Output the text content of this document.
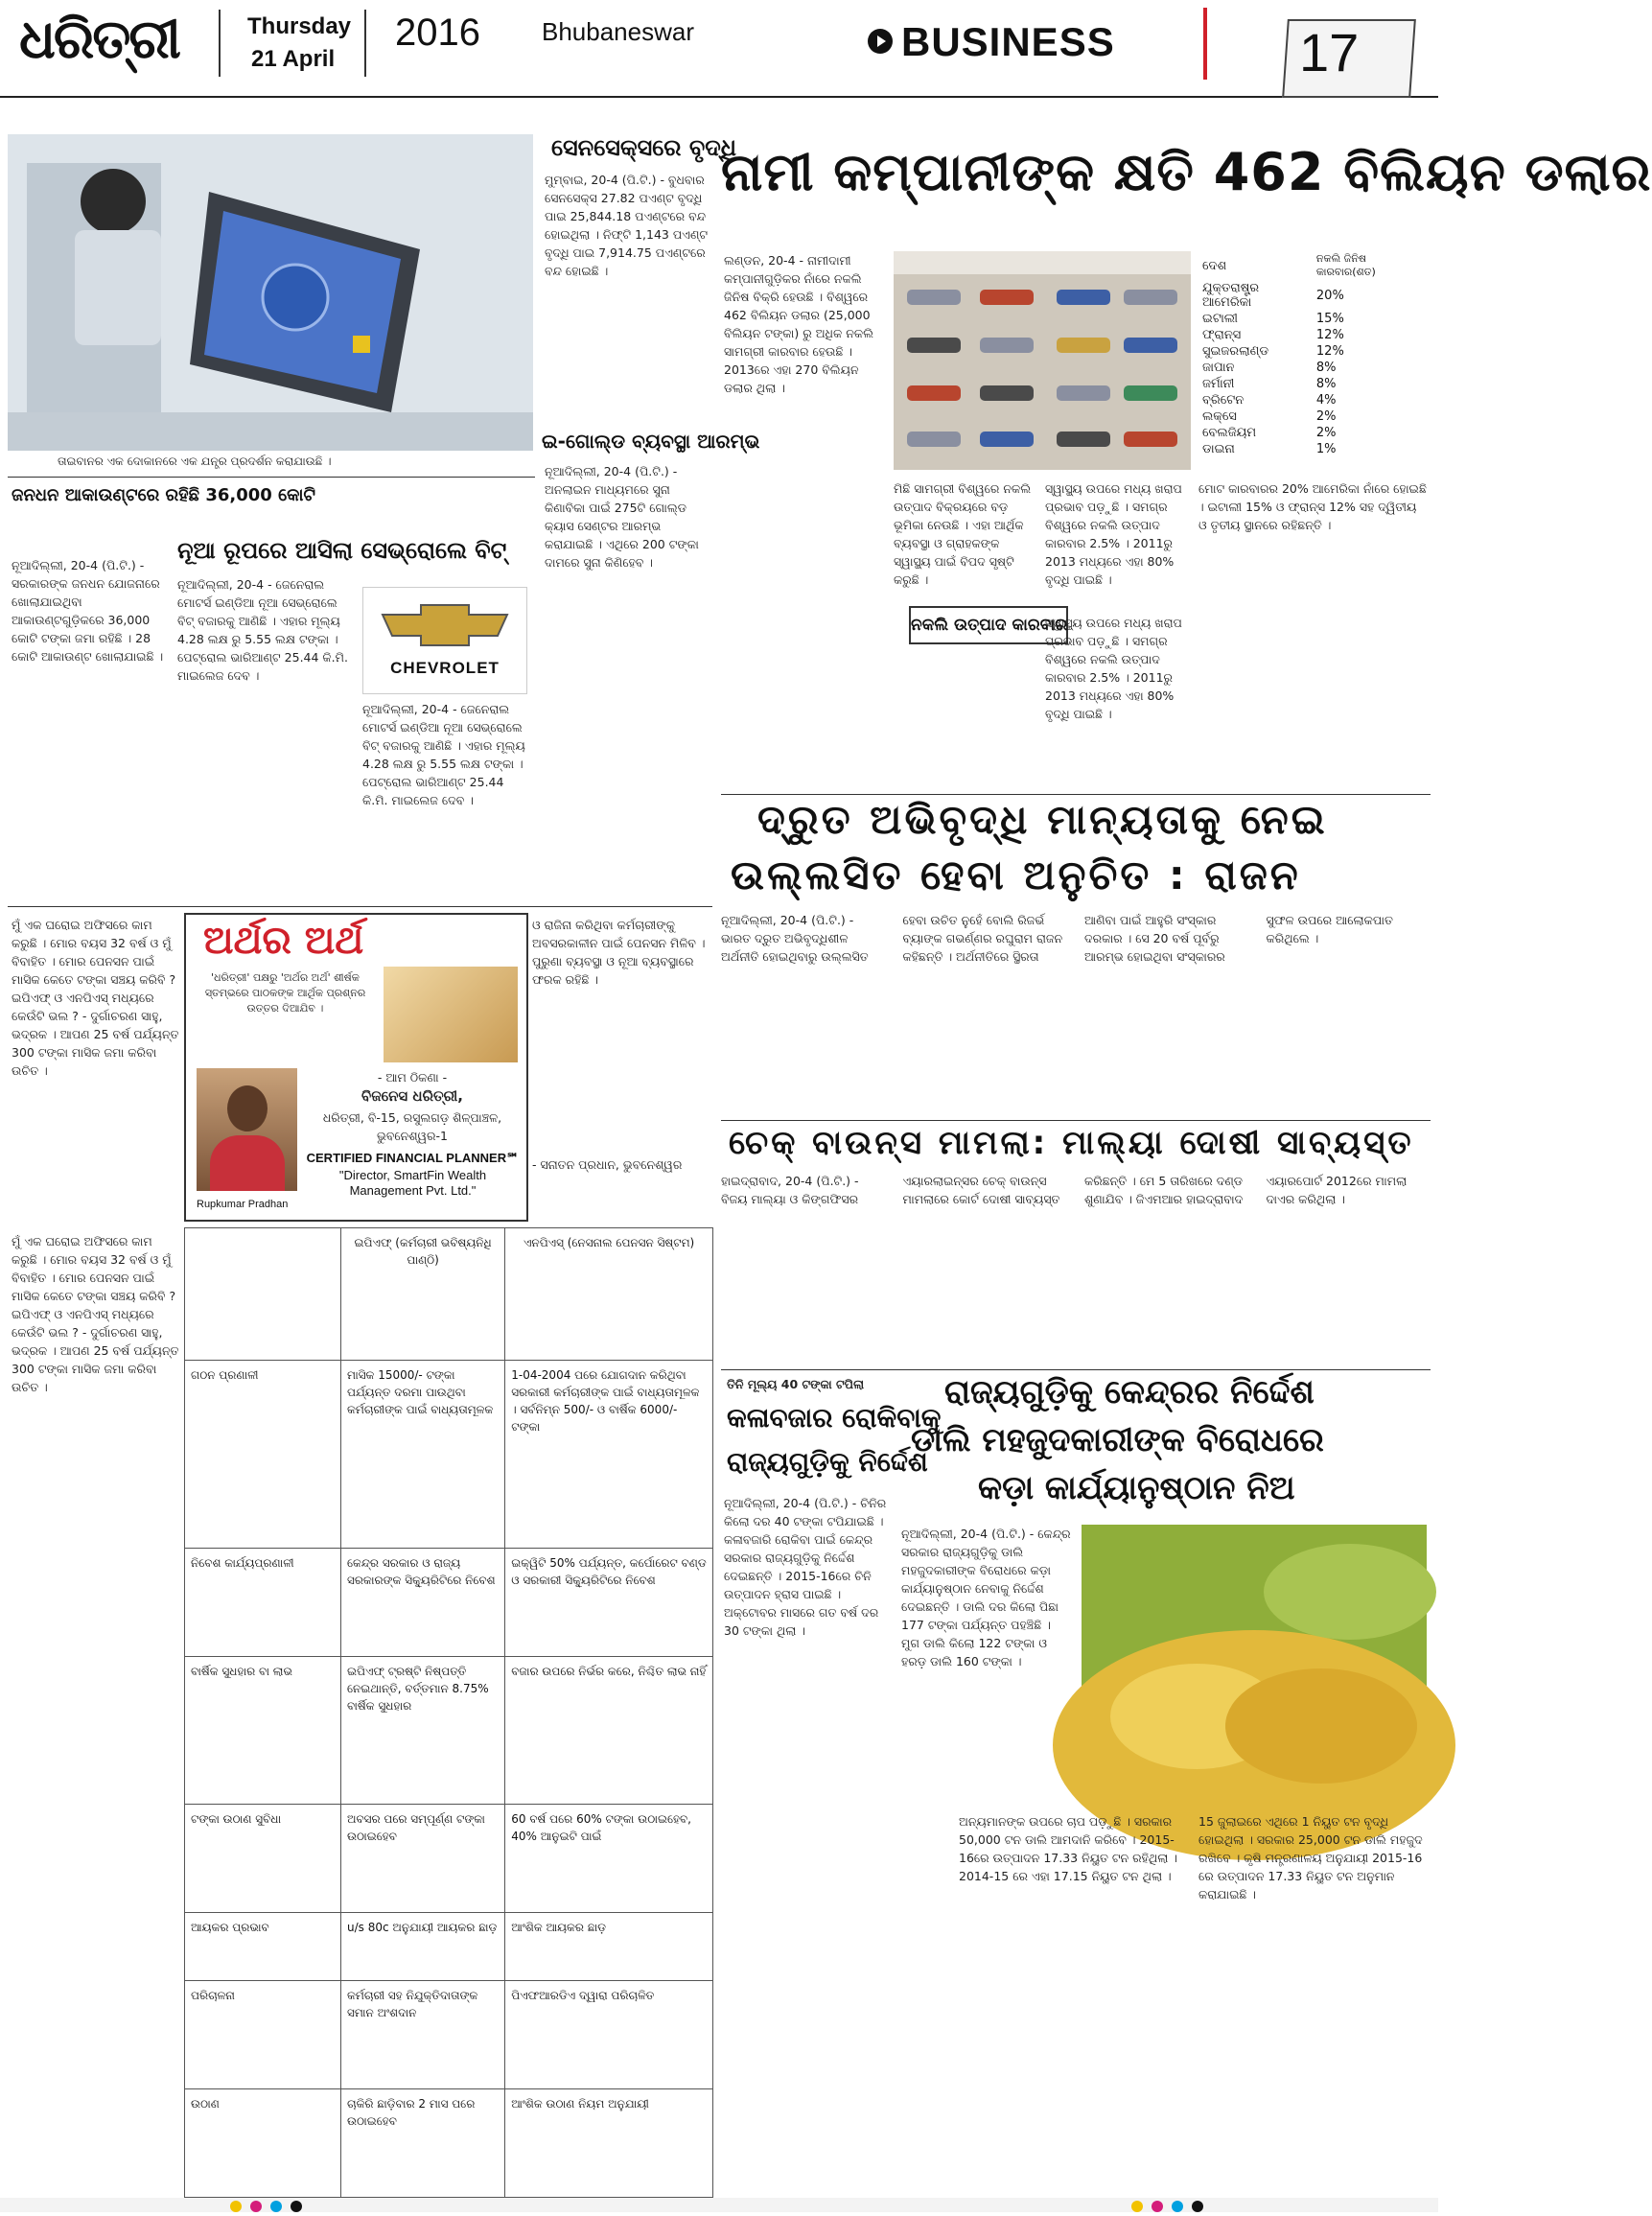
ଧରିତ୍ରୀ	Thursday
21 April
2016 Bhubaneswar	BUSINESS	17
ତାଇବାନର ଏକ ଦୋକାନରେ ଏକ ଯନ୍ତ୍ର ପ୍ରଦର୍ଶନ କରାଯାଉଛି ।
ସେନସେକ୍ସରେ ବୃଦ୍ଧି
ମୁମ୍ବାଇ, 20-4 (ପି.ଟି.) - ବୁଧବାର ସେନସେକ୍ସ 27.82 ପଏଣ୍ଟ ବୃଦ୍ଧି ପାଇ 25,844.18 ପଏଣ୍ଟରେ ବନ୍ଦ ହୋଇଥିଲା । ନିଫ୍ଟି 1,143 ପଏଣ୍ଟ ବୃଦ୍ଧି ପାଇ 7,914.75 ପଏଣ୍ଟରେ ବନ୍ଦ ହୋଇଛି ।
ଇ-ଗୋଲ୍ଡ ବ୍ୟବସ୍ଥା ଆରମ୍ଭ
ନୂଆଦିଲ୍ଲୀ, 20-4 (ପି.ଟି.) - ଅନଲାଇନ ମାଧ୍ୟମରେ ସୁନା କିଣାବିକା ପାଇଁ 275ଟି ଗୋଲ୍ଡ କ୍ୟାସ ସେଣ୍ଟର ଆରମ୍ଭ କରାଯାଇଛି । ଏଥିରେ 200 ଟଙ୍କା ଦାମରେ ସୁନା କିଣିହେବ ।
ନାମୀ କମ୍ପାନୀଙ୍କ କ୍ଷତି 462 ବିଲିୟନ ଡଲାର
ଲଣ୍ଡନ, 20-4 - ନାମୀଦାମୀ କମ୍ପାନୀଗୁଡ଼ିକର ନାଁରେ ନକଲି ଜିନିଷ ବିକ୍ରି ହେଉଛି । ବିଶ୍ୱରେ 462 ବିଲିୟନ ଡଲାର (25,000 ବିଲିୟନ ଟଙ୍କା) ରୁ ଅଧିକ ନକଲି ସାମଗ୍ରୀ କାରବାର ହେଉଛି । 2013ରେ ଏହା 270 ବିଲିୟନ ଡଲାର ଥିଲା ।
ଦେଶ	ନକଲି ଜିନିଷ କାରବାର(ଶତ)
ଯୁକ୍ତରାଷ୍ଟ୍ର ଆମେରିକା	20%
ଇଟାଲୀ	15%
ଫ୍ରାନ୍ସ	12%
ସୁଇଜରଲାଣ୍ଡ	12%
ଜାପାନ	8%
ଜର୍ମାନୀ	8%
ବ୍ରିଟେନ	4%
ଲକ୍ସେ	2%
ବେଲଜିୟମ	2%
ଡାଇନା	1%
ମିଛି ସାମଗ୍ରୀ ବିଶ୍ୱରେ ନକଲି ଉତ୍ପାଦ ବିକ୍ରୟରେ ବଡ଼ ଭୂମିକା ନେଉଛି । ଏହା ଆର୍ଥିକ ବ୍ୟବସ୍ଥା ଓ ଗ୍ରାହକଙ୍କ ସ୍ୱାସ୍ଥ୍ୟ ପାଇଁ ବିପଦ ସୃଷ୍ଟି କରୁଛି ।
ସ୍ୱାସ୍ଥ୍ୟ ଉପରେ ମଧ୍ୟ ଖରାପ ପ୍ରଭାବ ପଡ଼ୁଛି । ସମଗ୍ର ବିଶ୍ୱରେ ନକଲି ଉତ୍ପାଦ କାରବାର 2.5% । 2011ରୁ 2013 ମଧ୍ୟରେ ଏହା 80% ବୃଦ୍ଧି ପାଇଛି ।
ନକଲି ଉତ୍ପାଦ କାରବାର
ସ୍ୱାସ୍ଥ୍ୟ ଉପରେ ମଧ୍ୟ ଖରାପ ପ୍ରଭାବ ପଡ଼ୁଛି । ସମଗ୍ର ବିଶ୍ୱରେ ନକଲି ଉତ୍ପାଦ କାରବାର 2.5% । 2011ରୁ 2013 ମଧ୍ୟରେ ଏହା 80% ବୃଦ୍ଧି ପାଇଛି ।
ମୋଟ କାରବାରର 20% ଆମେରିକା ନାଁରେ ହୋଇଛି । ଇଟାଲୀ 15% ଓ ଫ୍ରାନ୍ସ 12% ସହ ଦ୍ୱିତୀୟ ଓ ତୃତୀୟ ସ୍ଥାନରେ ରହିଛନ୍ତି ।
ଜନଧନ ଆକାଉଣ୍ଟରେ ରହିଛି 36,000 କୋଟି
ନୂଆଦିଲ୍ଲୀ, 20-4 (ପି.ଟି.) - ସରକାରଙ୍କ ଜନଧନ ଯୋଜନାରେ ଖୋଲାଯାଇଥିବା ଆକାଉଣ୍ଟଗୁଡ଼ିକରେ 36,000 କୋଟି ଟଙ୍କା ଜମା ରହିଛି । 28 କୋଟି ଆକାଉଣ୍ଟ ଖୋଲାଯାଇଛି ।
ନୂଆ ରୂପରେ ଆସିଲା ସେଭ୍ରୋଲେ ବିଟ୍
CHEVROLET
ନୂଆଦିଲ୍ଲୀ, 20-4 - ଜେନେରାଲ ମୋଟର୍ସ ଇଣ୍ଡିଆ ନୂଆ ସେଭ୍ରୋଲେ ବିଟ୍ ବଜାରକୁ ଆଣିଛି । ଏହାର ମୂଲ୍ୟ 4.28 ଲକ୍ଷ ରୁ 5.55 ଲକ୍ଷ ଟଙ୍କା । ପେଟ୍ରୋଲ ଭାରିଆଣ୍ଟ 25.44 କି.ମି. ମାଇଲେଜ ଦେବ ।
ନୂଆଦିଲ୍ଲୀ, 20-4 - ଜେନେରାଲ ମୋଟର୍ସ ଇଣ୍ଡିଆ ନୂଆ ସେଭ୍ରୋଲେ ବିଟ୍ ବଜାରକୁ ଆଣିଛି । ଏହାର ମୂଲ୍ୟ 4.28 ଲକ୍ଷ ରୁ 5.55 ଲକ୍ଷ ଟଙ୍କା । ପେଟ୍ରୋଲ ଭାରିଆଣ୍ଟ 25.44 କି.ମି. ମାଇଲେଜ ଦେବ ।	ଦ୍ରୁତ ଅଭିବୃଦ୍ଧି ମାନ୍ୟତାକୁ ନେଇ
ଉଲ୍ଲସିତ ହେବା ଅନୁଚିତ : ରାଜନ
ନୂଆଦିଲ୍ଲୀ, 20-4 (ପି.ଟି.) - ଭାରତ ଦ୍ରୁତ ଅଭିବୃଦ୍ଧିଶୀଳ ଅର୍ଥନୀତି ହୋଇଥିବାରୁ ଉଲ୍ଲସିତ ହେବା ଉଚିତ ନୁହେଁ ବୋଲି ରିଜର୍ଭ ବ୍ୟାଙ୍କ ଗଭର୍ଣ୍ଣର ରଘୁରାମ ରାଜନ କହିଛନ୍ତି । ଅର୍ଥନୀତିରେ ସ୍ଥିରତା ଆଣିବା ପାଇଁ ଆହୁରି ସଂସ୍କାର ଦରକାର । ସେ 20 ବର୍ଷ ପୂର୍ବରୁ ଆରମ୍ଭ ହୋଇଥିବା ସଂସ୍କାରର ସୁଫଳ ଉପରେ ଆଲୋକପାତ କରିଥିଲେ ।
ମୁଁ ଏକ ଘରୋଇ ଅଫିସରେ କାମ କରୁଛି । ମୋର ବୟସ 32 ବର୍ଷ ଓ ମୁଁ ବିବାହିତ । ମୋର ପେନସନ ପାଇଁ ମାସିକ କେତେ ଟଙ୍କା ସଞ୍ଚୟ କରିବି ? ଇପିଏଫ୍ ଓ ଏନପିଏସ୍ ମଧ୍ୟରେ କେଉଁଟି ଭଲ ? - ଦୁର୍ଗାଚରଣ ସାହୁ, ଭଦ୍ରକ । ଆପଣ 25 ବର୍ଷ ପର୍ଯ୍ୟନ୍ତ 300 ଟଙ୍କା ମାସିକ ଜମା କରିବା ଉଚିତ ।
ଅର୍ଥର ଅର୍ଥ
'ଧରିତ୍ରୀ' ପକ୍ଷରୁ 'ଅର୍ଥର ଅର୍ଥ' ଶୀର୍ଷକ ସ୍ତମ୍ଭରେ ପାଠକଙ୍କ ଆର୍ଥିକ ପ୍ରଶ୍ନର ଉତ୍ତର ଦିଆଯିବ ।
- ଆମ ଠିକଣା -
ବିଜନେସ ଧରିତ୍ରୀ,
ଧରିତ୍ରୀ, ବି-15, ରସୁଲଗଡ଼ ଶିଳ୍ପାଞ୍ଚଳ,
ଭୁବନେଶ୍ୱର-1
CERTIFIED FINANCIAL PLANNER℠
"Director, SmartFin Wealth Management Pvt. Ltd."
Rupkumar Pradhan
ଓ ରାଜିନା କରିଥିବା କର୍ମଚାରୀଙ୍କୁ ଅବସରକାଳୀନ ପାଇଁ ପେନସନ ମିଳିବ । ପୁରୁଣା ବ୍ୟବସ୍ଥା ଓ ନୂଆ ବ୍ୟବସ୍ଥାରେ ଫରକ ରହିଛି ।
- ସନାତନ ପ୍ରଧାନ, ଭୁବନେଶ୍ୱର
ମୁଁ ଏକ ଘରୋଇ ଅଫିସରେ କାମ କରୁଛି । ମୋର ବୟସ 32 ବର୍ଷ ଓ ମୁଁ ବିବାହିତ । ମୋର ପେନସନ ପାଇଁ ମାସିକ କେତେ ଟଙ୍କା ସଞ୍ଚୟ କରିବି ? ଇପିଏଫ୍ ଓ ଏନପିଏସ୍ ମଧ୍ୟରେ କେଉଁଟି ଭଲ ? - ଦୁର୍ଗାଚରଣ ସାହୁ, ଭଦ୍ରକ । ଆପଣ 25 ବର୍ଷ ପର୍ଯ୍ୟନ୍ତ 300 ଟଙ୍କା ମାସିକ ଜମା କରିବା ଉଚିତ ।
	ଇପିଏଫ୍ (କର୍ମଚାରୀ ଭବିଷ୍ୟନିଧି ପାଣ୍ଠି)	ଏନପିଏସ୍ (ନେସନାଲ ପେନସନ ସିଷ୍ଟମ)
ଗଠନ ପ୍ରଣାଳୀ	ମାସିକ 15000/- ଟଙ୍କା ପର୍ଯ୍ୟନ୍ତ ଦରମା ପାଉଥିବା କର୍ମଚାରୀଙ୍କ ପାଇଁ ବାଧ୍ୟତାମୂଳକ	1-04-2004 ପରେ ଯୋଗଦାନ କରିଥିବା ସରକାରୀ କର୍ମଚାରୀଙ୍କ ପାଇଁ ବାଧ୍ୟତାମୂଳକ । ସର୍ବନିମ୍ନ 500/- ଓ ବାର୍ଷିକ 6000/- ଟଙ୍କା
ନିବେଶ କାର୍ଯ୍ୟପ୍ରଣାଳୀ	କେନ୍ଦ୍ର ସରକାର ଓ ରାଜ୍ୟ ସରକାରଙ୍କ ସିକ୍ୟୁରିଟିରେ ନିବେଶ	ଇକ୍ୱିଟି 50% ପର୍ଯ୍ୟନ୍ତ, କର୍ପୋରେଟ ବଣ୍ଡ ଓ ସରକାରୀ ସିକ୍ୟୁରିଟିରେ ନିବେଶ
ବାର୍ଷିକ ସୁଧହାର ବା ଲାଭ	ଇପିଏଫ୍ ଟ୍ରଷ୍ଟି ନିଷ୍ପତ୍ତି ନେଇଥାନ୍ତି, ବର୍ତ୍ତମାନ 8.75% ବାର୍ଷିକ ସୁଧହାର	ବଜାର ଉପରେ ନିର୍ଭର କରେ, ନିଶ୍ଚିତ ଲାଭ ନାହିଁ
ଟଙ୍କା ଉଠାଣ ସୁବିଧା	ଅବସର ପରେ ସମ୍ପୂର୍ଣ୍ଣ ଟଙ୍କା ଉଠାଇହେବ	60 ବର୍ଷ ପରେ 60% ଟଙ୍କା ଉଠାଇହେବ, 40% ଆନୁଇଟି ପାଇଁ
ଆୟକର ପ୍ରଭାବ	u/s 80c ଅନୁଯାୟୀ ଆୟକର ଛାଡ଼	ଆଂଶିକ ଆୟକର ଛାଡ଼
ପରିଚାଳନା	କର୍ମଚାରୀ ସହ ନିଯୁକ୍ତିଦାତାଙ୍କ ସମାନ ଅଂଶଦାନ	ପିଏଫଆରଡିଏ ଦ୍ୱାରା ପରିଚାଳିତ
ଉଠାଣ	ଚାକିରି ଛାଡ଼ିବାର 2 ମାସ ପରେ ଉଠାଇହେବ	ଆଂଶିକ ଉଠାଣ ନିୟମ ଅନୁଯାୟୀ
ଚେକ୍ ବାଉନ୍ସ ମାମଲା: ମାଲ୍ୟା ଦୋଷୀ ସାବ୍ୟସ୍ତ
ହାଇଦ୍ରାବାଦ, 20-4 (ପି.ଟି.) - ବିଜୟ ମାଲ୍ୟା ଓ କିଙ୍ଗଫିସର ଏୟାରଲାଇନ୍ସର ଚେକ୍ ବାଉନ୍ସ ମାମଲାରେ କୋର୍ଟ ଦୋଷୀ ସାବ୍ୟସ୍ତ କରିଛନ୍ତି । ମେ 5 ତାରିଖରେ ଦଣ୍ଡ ଶୁଣାଯିବ । ଜିଏମଆର ହାଇଦ୍ରାବାଦ ଏୟାରପୋର୍ଟ 2012ରେ ମାମଲା ଦାଏର କରିଥିଲା ।
ତିନି ମୂଲ୍ୟ 40 ଟଙ୍କା ଟପିଲା
କଳାବଜାର ରୋକିବାକୁ
ରାଜ୍ୟଗୁଡ଼ିକୁ ନିର୍ଦ୍ଦେଶ
ନୂଆଦିଲ୍ଲୀ, 20-4 (ପି.ଟି.) - ଚିନିର କିଲୋ ଦର 40 ଟଙ୍କା ଟପିଯାଇଛି । କଳାବଜାରି ରୋକିବା ପାଇଁ କେନ୍ଦ୍ର ସରକାର ରାଜ୍ୟଗୁଡ଼ିକୁ ନିର୍ଦ୍ଦେଶ ଦେଇଛନ୍ତି । 2015-16ରେ ଚିନି ଉତ୍ପାଦନ ହ୍ରାସ ପାଇଛି । ଅକ୍ଟୋବର ମାସରେ ଗତ ବର୍ଷ ଦର 30 ଟଙ୍କା ଥିଲା ।
ରାଜ୍ୟଗୁଡ଼ିକୁ କେନ୍ଦ୍ରର ନିର୍ଦ୍ଦେଶ
ଡାଲି ମହଜୁଦକାରୀଙ୍କ ବିରୋଧରେ
କଡ଼ା କାର୍ଯ୍ୟାନୁଷ୍ଠାନ ନିଅ
ନୂଆଦିଲ୍ଲୀ, 20-4 (ପି.ଟି.) - କେନ୍ଦ୍ର ସରକାର ରାଜ୍ୟଗୁଡ଼ିକୁ ଡାଲି ମହଜୁଦକାରୀଙ୍କ ବିରୋଧରେ କଡ଼ା କାର୍ଯ୍ୟାନୁଷ୍ଠାନ ନେବାକୁ ନିର୍ଦ୍ଦେଶ ଦେଇଛନ୍ତି । ଡାଲି ଦର କିଲୋ ପିଛା 177 ଟଙ୍କା ପର୍ଯ୍ୟନ୍ତ ପହଞ୍ଚିଛି । ମୁଗ ଡାଲି କିଲୋ 122 ଟଙ୍କା ଓ ହରଡ଼ ଡାଲି 160 ଟଙ୍କା ।
ଅନ୍ୟମାନଙ୍କ ଉପରେ ଚାପ ପଡ଼ୁଛି । ସରକାର 50,000 ଟନ ଡାଲି ଆମଦାନି କରିବେ । 2015-16ରେ ଉତ୍ପାଦନ 17.33 ନିୟୁତ ଟନ ରହିଥିଲା । 2014-15 ରେ ଏହା 17.15 ନିୟୁତ ଟନ ଥିଲା ।
15 ଜୁଲାଇରେ ଏଥିରେ 1 ନିୟୁତ ଟନ ବୃଦ୍ଧି ହୋଇଥିଲା । ସରକାର 25,000 ଟନ ଡାଲି ମହଜୁଦ ରଖିବେ । କୃଷି ମନ୍ତ୍ରଣାଳୟ ଅନୁଯାୟୀ 2015-16 ରେ ଉତ୍ପାଦନ 17.33 ନିୟୁତ ଟନ ଅନୁମାନ କରାଯାଇଛି ।
